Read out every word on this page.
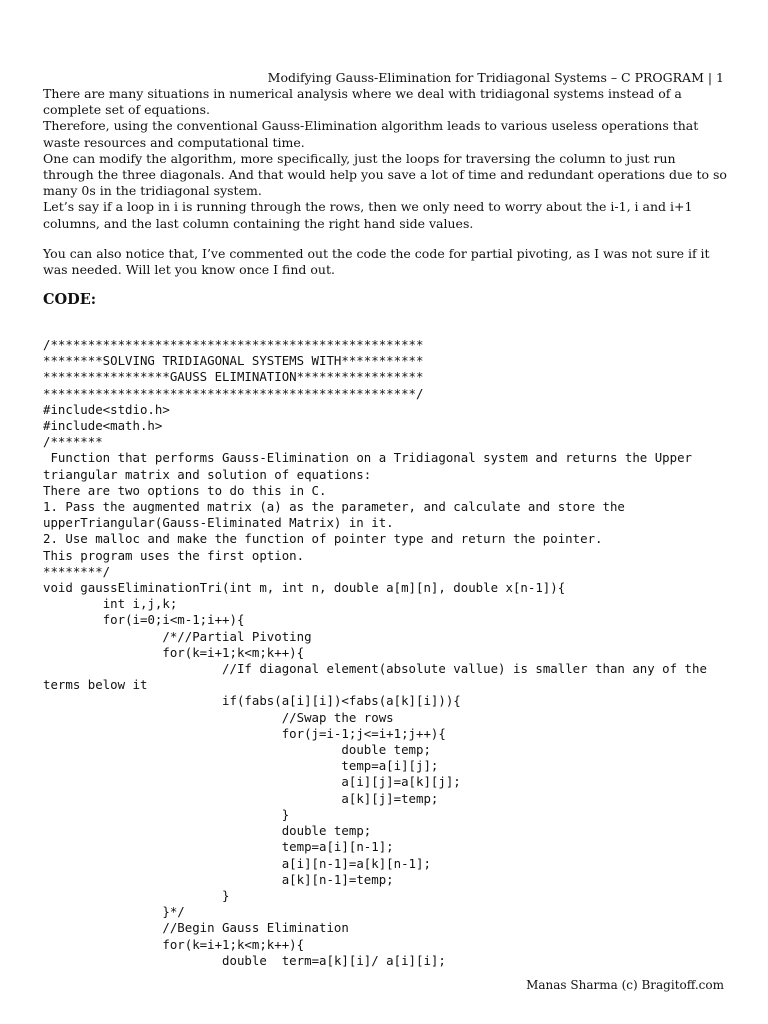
Modifying Gauss-Elimination for Tridiagonal Systems – C PROGRAM | 1

There are many situations in numerical analysis where we deal with tridiagonal systems instead of a complete set of equations.

Therefore, using the conventional Gauss-Elimination algorithm leads to various useless operations that waste resources and computational time.

One can modify the algorithm, more specifically, just the loops for traversing the column to just run through the three diagonals. And that would help you save a lot of time and redundant operations due to so many 0s in the tridiagonal system.

Let’s say if a loop in i is running through the rows, then we only need to worry about the i-1, i and i+1 columns, and the last column containing the right hand side values.

You can also notice that, I’ve commented out the code the code for partial pivoting, as I was not sure if it was needed. Will let you know once I find out.

CODE:
/**************************************************
********SOLVING TRIDIAGONAL SYSTEMS WITH***********
*****************GAUSS ELIMINATION*****************
**************************************************/
#include<stdio.h>
#include<math.h>
/*******
Function that performs Gauss-Elimination on a Tridiagonal system and returns the Upper triangular matrix and solution of equations:
There are two options to do this in C.
1. Pass the augmented matrix (a) as the parameter, and calculate and store the upperTriangular(Gauss-Eliminated Matrix) in it.
2. Use malloc and make the function of pointer type and return the pointer.
This program uses the first option.
********/
void gaussEliminationTri(int m, int n, double a[m][n], double x[n-1]){
int i,j,k;
for(i=0;i<m-1;i++){
/*//Partial Pivoting
for(k=i+1;k<m;k++){
//If diagonal element(absolute vallue) is smaller than any of the terms below it
if(fabs(a[i][i])<fabs(a[k][i])){
//Swap the rows
for(j=i-1;j<=i+1;j++){
double temp;
temp=a[i][j];
a[i][j]=a[k][j];
a[k][j]=temp;
}
double temp;
temp=a[i][n-1];
a[i][n-1]=a[k][n-1];
a[k][n-1]=temp;
}
}*/
//Begin Gauss Elimination
for(k=i+1;k<m;k++){
double  term=a[k][i]/ a[i][i];
Manas Sharma (c) Bragitoff.com
